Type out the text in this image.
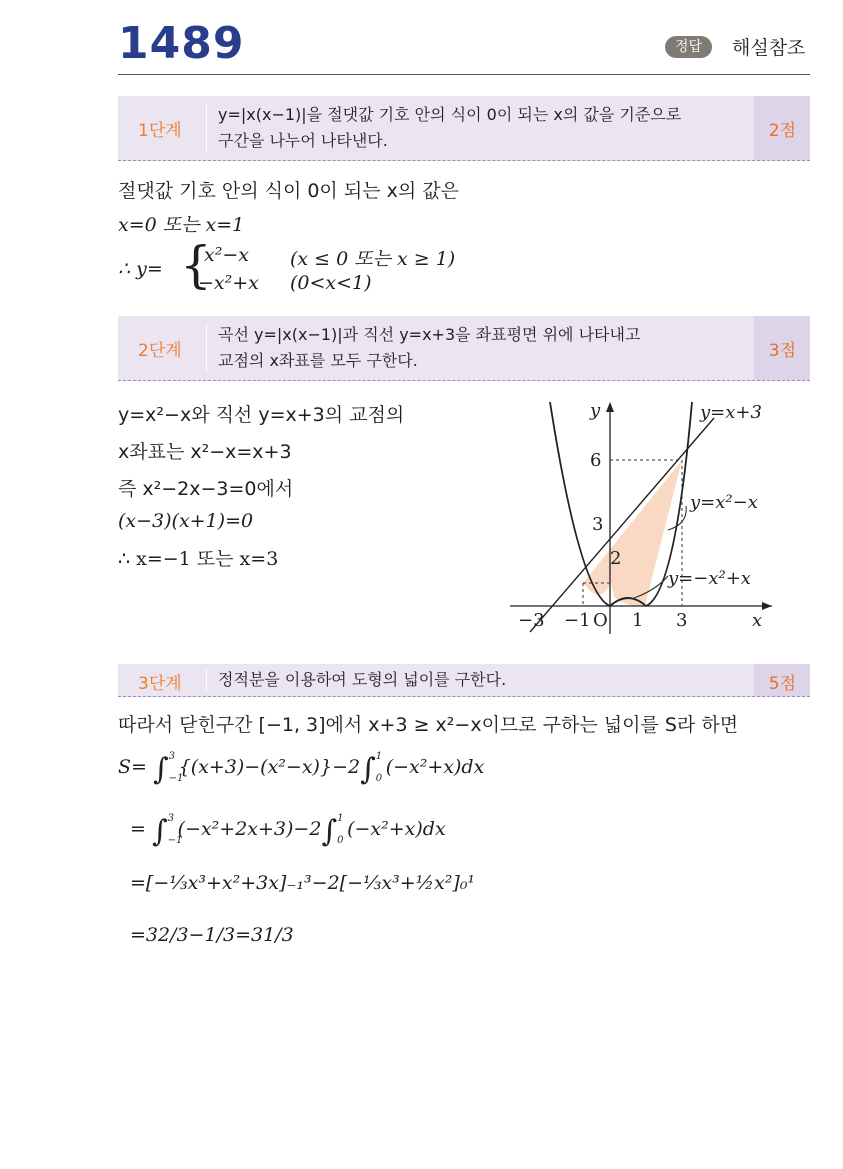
1489	정답	해설참조
1단계
y=|x(x−1)|을 절댓값 기호 안의 식이 0이 되는 x의 값을 기준으로
구간을 나누어 나타낸다.	2점
절댓값 기호 안의 식이 0이 되는 x의 값은
x=0 또는 x=1
∴ y= {
x²−x (x ≤ 0 또는 x ≥ 1)
−x²+x (0<x<1)
2단계
곡선 y=|x(x−1)|과 직선 y=x+3을 좌표평면 위에 나타내고
교점의 x좌표를 모두 구한다.	3점
y=x²−x와 직선 y=x+3의 교점의
x좌표는 x²−x=x+3
즉 x²−2x−3=0에서
(x−3)(x+1)=0
∴ x=−1 또는 x=3
y
x
y=x+3
y=x²−x
y=−x²+x
6
3
2
−3 −1 O 1 3
3단계 정적분을 이용하여 도형의 넓이를 구한다.	5점
따라서 닫힌구간 [−1, 3]에서 x+3 ≥ x²−x이므로 구하는 넓이를 S라 하면
S= ∫ 3
−1
{(x+3)−(x²−x)}−2∫ 1
0
(−x²+x)dx
= ∫ 3
−1
(−x²+2x+3)−2∫ 1
0
(−x²+x)dx
=[−⅓x³+x²+3x]₋₁³−2[−⅓x³+½x²]₀¹
=32/3−1/3=31/3
